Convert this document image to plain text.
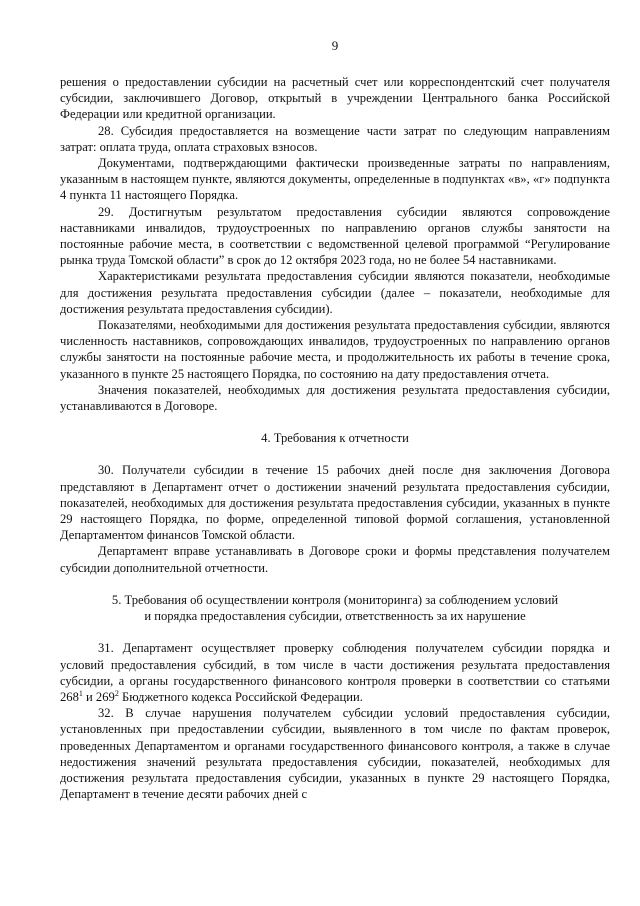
9

решения о предоставлении субсидии на расчетный счет или корреспондентский счет получателя субсидии, заключившего Договор, открытый в учреждении Центрального банка Российской Федерации или кредитной организации.

28. Субсидия предоставляется на возмещение части затрат по следующим направлениям затрат: оплата труда, оплата страховых взносов.

Документами, подтверждающими фактически произведенные затраты по направлениям, указанным в настоящем пункте, являются документы, определенные в подпунктах «в», «г» подпункта 4 пункта 11 настоящего Порядка.

29. Достигнутым результатом предоставления субсидии являются сопровождение наставниками инвалидов, трудоустроенных по направлению органов службы занятости на постоянные рабочие места, в соответствии с ведомственной целевой программой “Регулирование рынка труда Томской области” в срок до 12 октября 2023 года, но не более 54 наставниками.

Характеристиками результата предоставления субсидии являются показатели, необходимые для достижения результата предоставления субсидии (далее – показатели, необходимые для достижения результата предоставления субсидии).

Показателями, необходимыми для достижения результата предоставления субсидии, являются численность наставников, сопровождающих инвалидов, трудоустроенных по направлению органов службы занятости на постоянные рабочие места, и продолжительность их работы в течение срока, указанного в пункте 25 настоящего Порядка, по состоянию на дату предоставления отчета.

Значения показателей, необходимых для достижения результата предоставления субсидии, устанавливаются в Договоре.

4. Требования к отчетности

30. Получатели субсидии в течение 15 рабочих дней после дня заключения Договора представляют в Департамент отчет о достижении значений результата предоставления субсидии, показателей, необходимых для достижения результата предоставления субсидии, указанных в пункте 29 настоящего Порядка, по форме, определенной типовой формой соглашения, установленной Департаментом финансов Томской области.

Департамент вправе устанавливать в Договоре сроки и формы представления получателем субсидии дополнительной отчетности.

5. Требования об осуществлении контроля (мониторинга) за соблюдением условий
и порядка предоставления субсидии, ответственность за их нарушение

31. Департамент осуществляет проверку соблюдения получателем субсидии порядка и условий предоставления субсидий, в том числе в части достижения результата предоставления субсидии, а органы государственного финансового контроля проверки в соответствии со статьями $268^1$ и $269^2$ Бюджетного кодекса Российской Федерации.

32. В случае нарушения получателем субсидии условий предоставления субсидии, установленных при предоставлении субсидии, выявленного в том числе по фактам проверок, проведенных Департаментом и органами государственного финансового контроля, а также в случае недостижения значений результата предоставления субсидии, показателей, необходимых для достижения результата предоставления субсидии, указанных в пункте 29 настоящего Порядка, Департамент в течение десяти рабочих дней с
